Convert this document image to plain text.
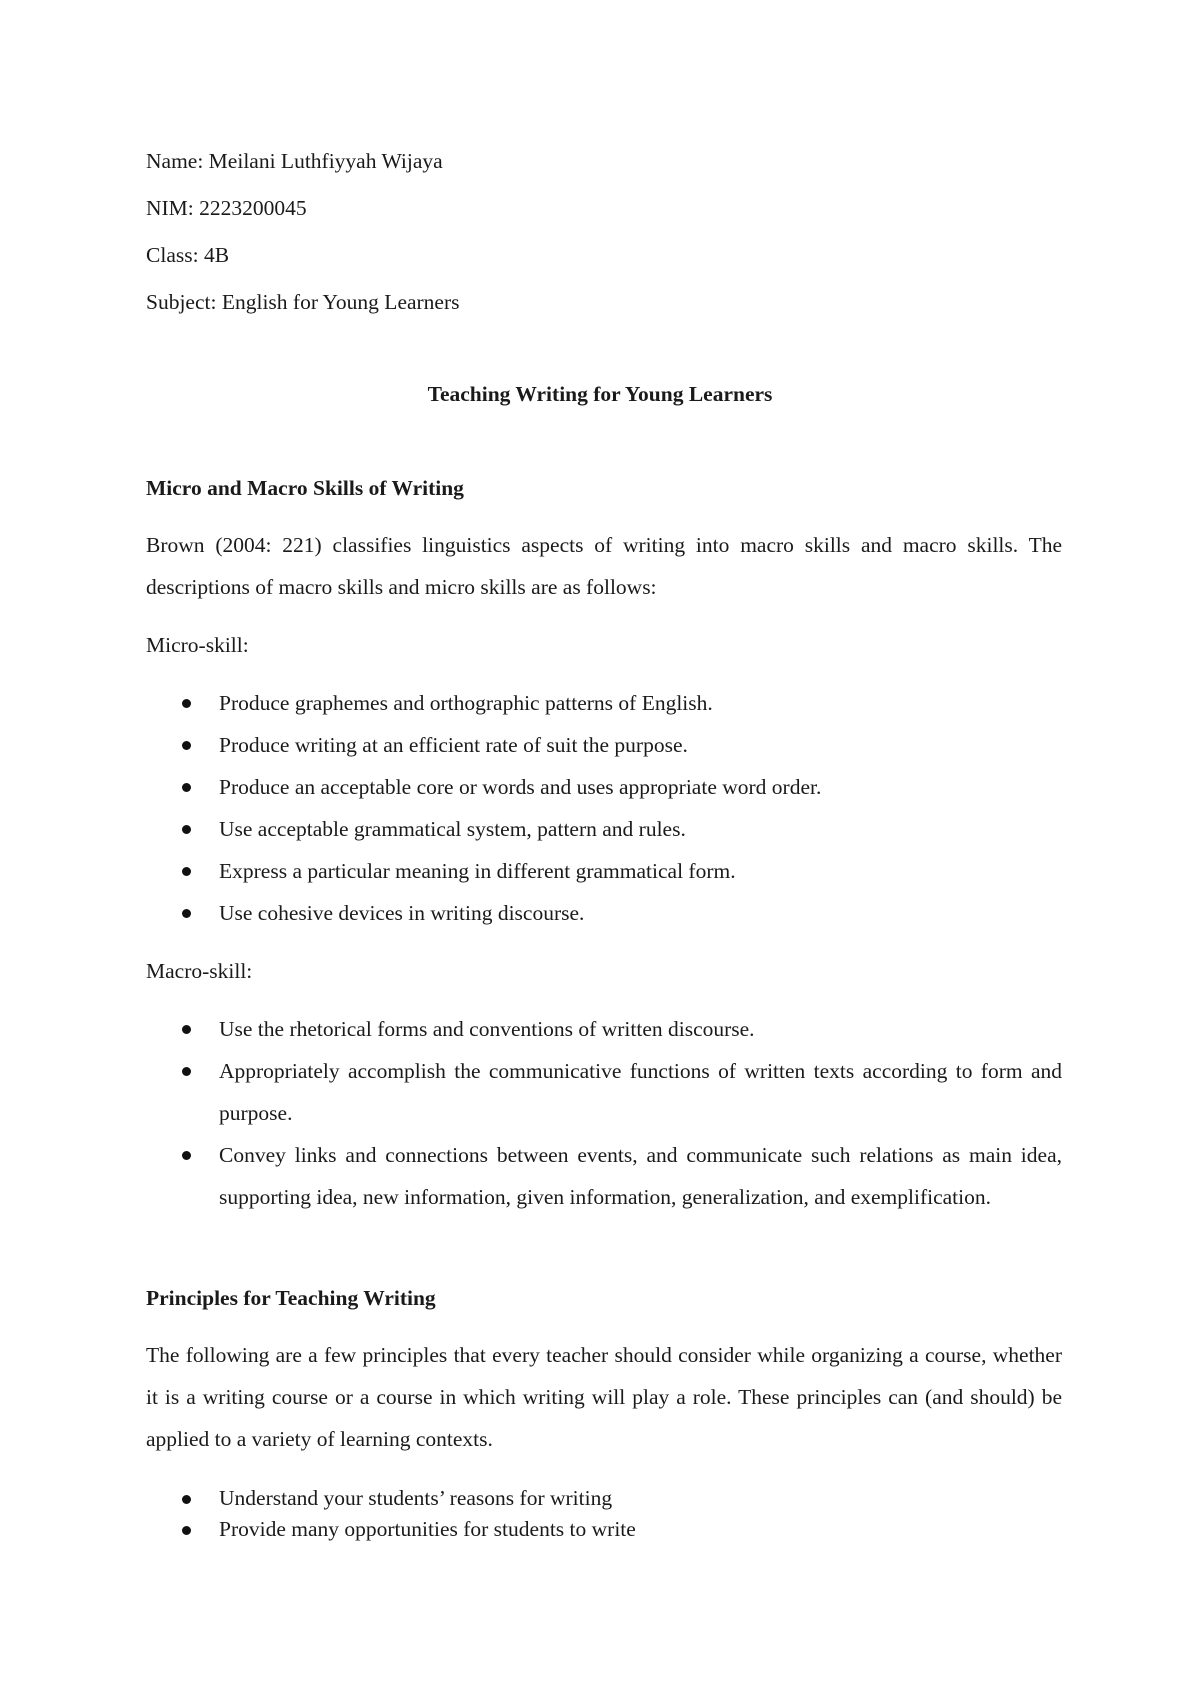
Name: Meilani Luthfiyyah Wijaya
NIM: 2223200045
Class: 4B
Subject: English for Young Learners
Teaching Writing for Young Learners
Micro and Macro Skills of Writing
Brown (2004: 221) classifies linguistics aspects of writing into macro skills and macro skills. The descriptions of macro skills and micro skills are as follows:
Micro-skill:
Produce graphemes and orthographic patterns of English.
Produce writing at an efficient rate of suit the purpose.
Produce an acceptable core or words and uses appropriate word order.
Use acceptable grammatical system, pattern and rules.
Express a particular meaning in different grammatical form.
Use cohesive devices in writing discourse.
Macro-skill:
Use the rhetorical forms and conventions of written discourse.
Appropriately accomplish the communicative functions of written texts according to form and purpose.
Convey links and connections between events, and communicate such relations as main idea, supporting idea, new information, given information, generalization, and exemplification.
Principles for Teaching Writing
The following are a few principles that every teacher should consider while organizing a course, whether it is a writing course or a course in which writing will play a role. These principles can (and should) be applied to a variety of learning contexts.
Understand your students’ reasons for writing
Provide many opportunities for students to write
